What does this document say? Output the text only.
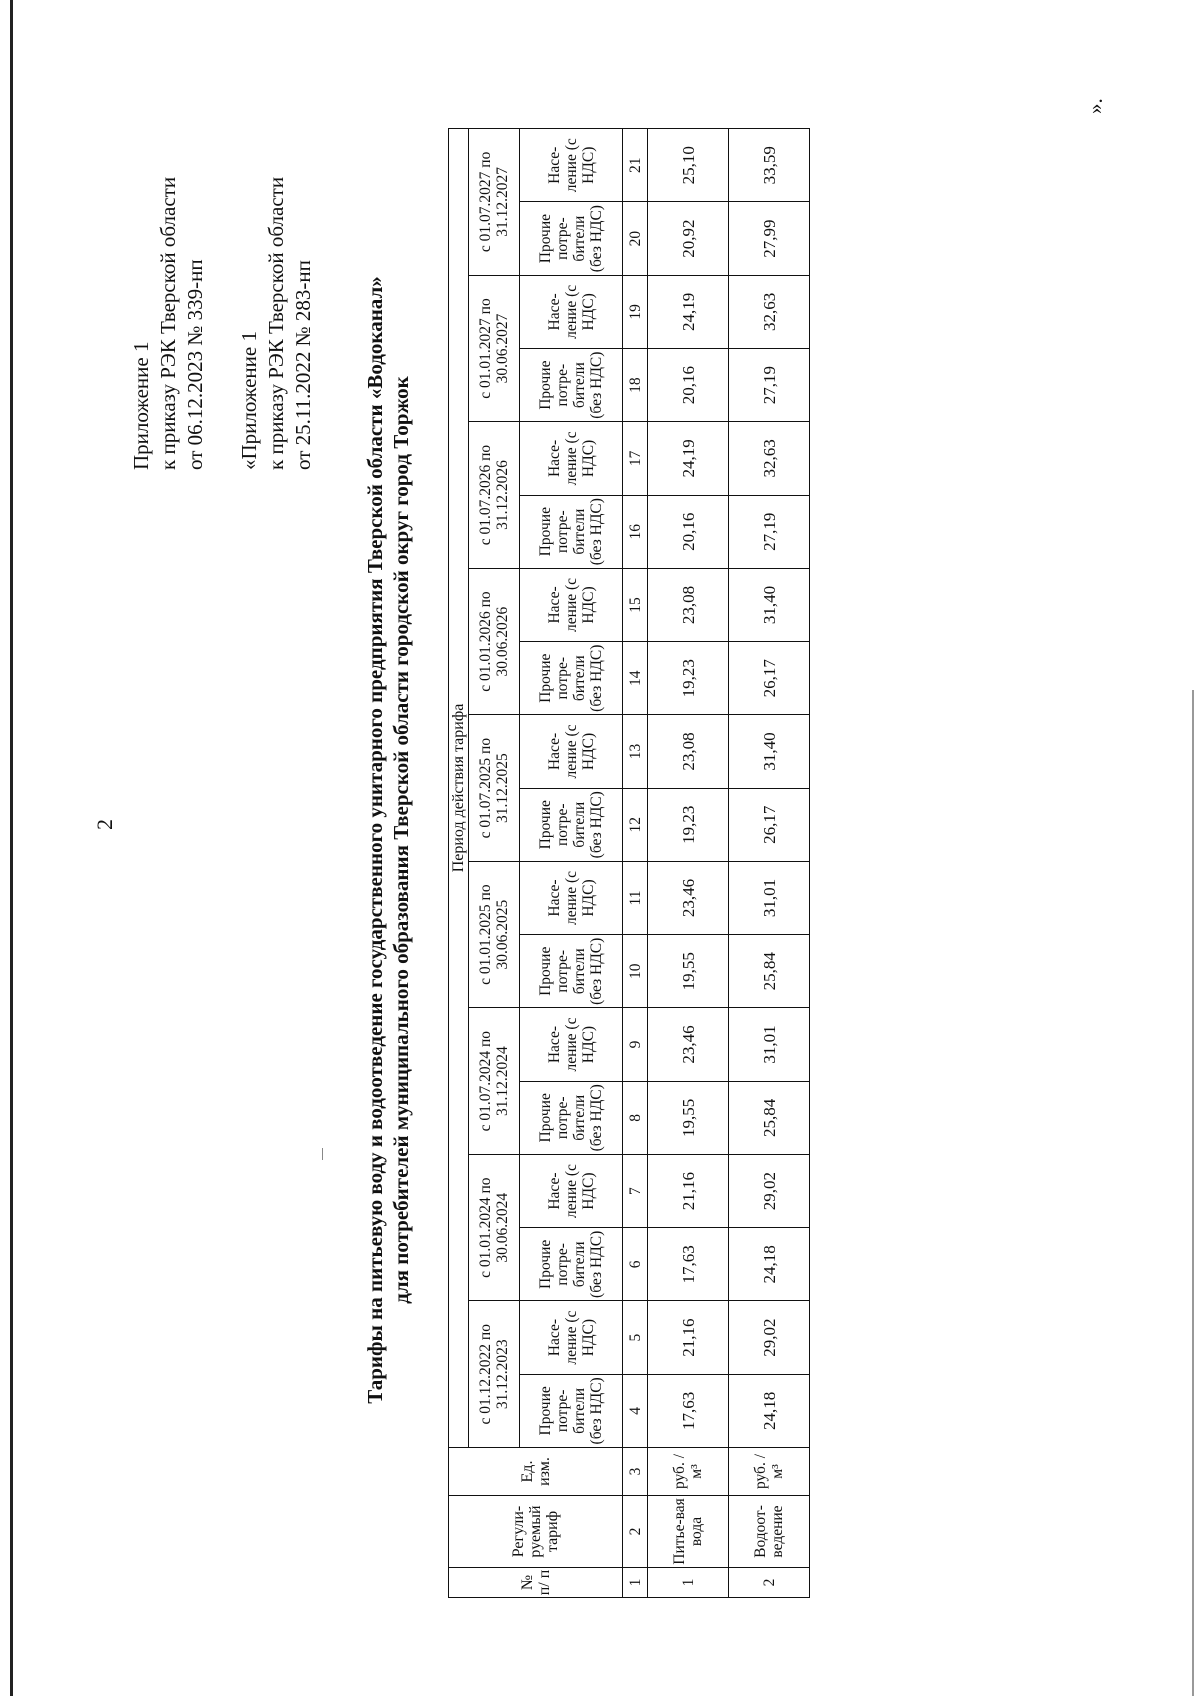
2
Приложение 1 к приказу РЭК Тверской области от 06.12.2023 № 339-нп «Приложение 1 к приказу РЭК Тверской области от 25.11.2022 № 283-нп Тарифы на питьевую воду и водоотведение государственного унитарного предприятия Тверской области «Водоканал» для потребителей муниципального образования Тверской области городской округ город Торжок
№ п/ п	Регули-руемый тариф	Ед. изм.	Период действия тарифа																	
			с 01.12.2022 по 31.12.2023		с 01.01.2024 по 30.06.2024		с 01.07.2024 по 31.12.2024		с 01.01.2025 по 30.06.2025		с 01.07.2025 по 31.12.2025		с 01.01.2026 по 30.06.2026		с 01.07.2026 по 31.12.2026		с 01.01.2027 по 30.06.2027		с 01.07.2027 по 31.12.2027	
			Прочие потре-бители (без НДС)	Насе-ление (с НДС)	Прочие потре-бители (без НДС)	Насе-ление (с НДС)	Прочие потре-бители (без НДС)	Насе-ление (с НДС)	Прочие потре-бители (без НДС)	Насе-ление (с НДС)	Прочие потре-бители (без НДС)	Насе-ление (с НДС)	Прочие потре-бители (без НДС)	Насе-ление (с НДС)	Прочие потре-бители (без НДС)	Насе-ление (с НДС)	Прочие потре-бители (без НДС)	Насе-ление (с НДС)	Прочие потре-бители (без НДС)	Насе-ление (с НДС)
1	2	3	4	5	6	7	8	9	10	11	12	13	14	15	16	17	18	19	20	21
1	Питье-вая вода	руб. /м³	17,63	21,16	17,63	21,16	19,55	23,46	19,55	23,46	19,23	23,08	19,23	23,08	20,16	24,19	20,16	24,19	20,92	25,10
2	Водоот-ведение	руб. /м³	24,18	29,02	24,18	29,02	25,84	31,01	25,84	31,01	26,17	31,40	26,17	31,40	27,19	32,63	27,19	32,63	27,99	33,59
».
